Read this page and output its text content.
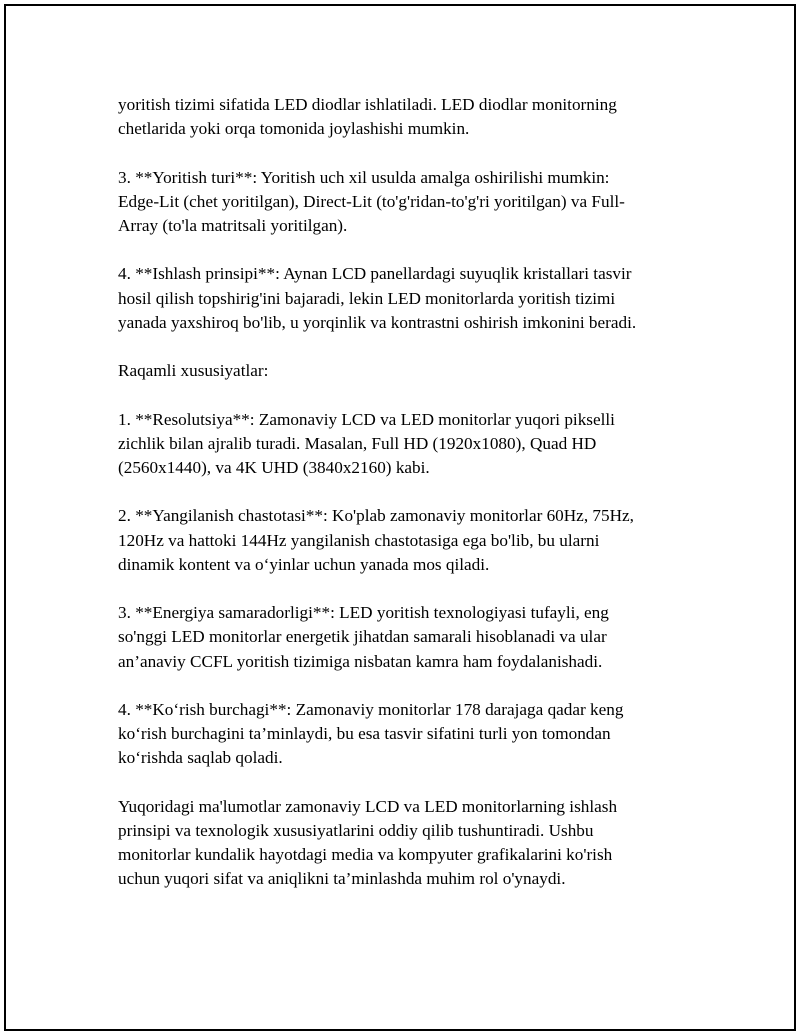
yoritish tizimi sifatida LED diodlar ishlatiladi. LED diodlar monitorning
chetlarida yoki orqa tomonida joylashishi mumkin.

3. **Yoritish turi**: Yoritish uch xil usulda amalga oshirilishi mumkin:
Edge-Lit (chet yoritilgan), Direct-Lit (to'g'ridan-to'g'ri yoritilgan) va Full-
Array (to'la matritsali yoritilgan).

4. **Ishlash prinsipi**: Aynan LCD panellardagi suyuqlik kristallari tasvir
hosil qilish topshirig'ini bajaradi, lekin LED monitorlarda yoritish tizimi
yanada yaxshiroq bo'lib, u yorqinlik va kontrastni oshirish imkonini beradi.

Raqamli xususiyatlar:

1. **Resolutsiya**: Zamonaviy LCD va LED monitorlar yuqori pikselli
zichlik bilan ajralib turadi. Masalan, Full HD (1920x1080), Quad HD
(2560x1440), va 4K UHD (3840x2160) kabi.

2. **Yangilanish chastotasi**: Ko'plab zamonaviy monitorlar 60Hz, 75Hz,
120Hz va hattoki 144Hz yangilanish chastotasiga ega bo'lib, bu ularni
dinamik kontent va o‘yinlar uchun yanada mos qiladi.

3. **Energiya samaradorligi**: LED yoritish texnologiyasi tufayli, eng
so'nggi LED monitorlar energetik jihatdan samarali hisoblanadi va ular
an’anaviy CCFL yoritish tizimiga nisbatan kamra ham foydalanishadi.

4. **Ko‘rish burchagi**: Zamonaviy monitorlar 178 darajaga qadar keng
ko‘rish burchagini ta’minlaydi, bu esa tasvir sifatini turli yon tomondan
ko‘rishda saqlab qoladi.

Yuqoridagi ma'lumotlar zamonaviy LCD va LED monitorlarning ishlash
prinsipi va texnologik xususiyatlarini oddiy qilib tushuntiradi. Ushbu
monitorlar kundalik hayotdagi media va kompyuter grafikalarini ko'rish
uchun yuqori sifat va aniqlikni ta’minlashda muhim rol o'ynaydi.
